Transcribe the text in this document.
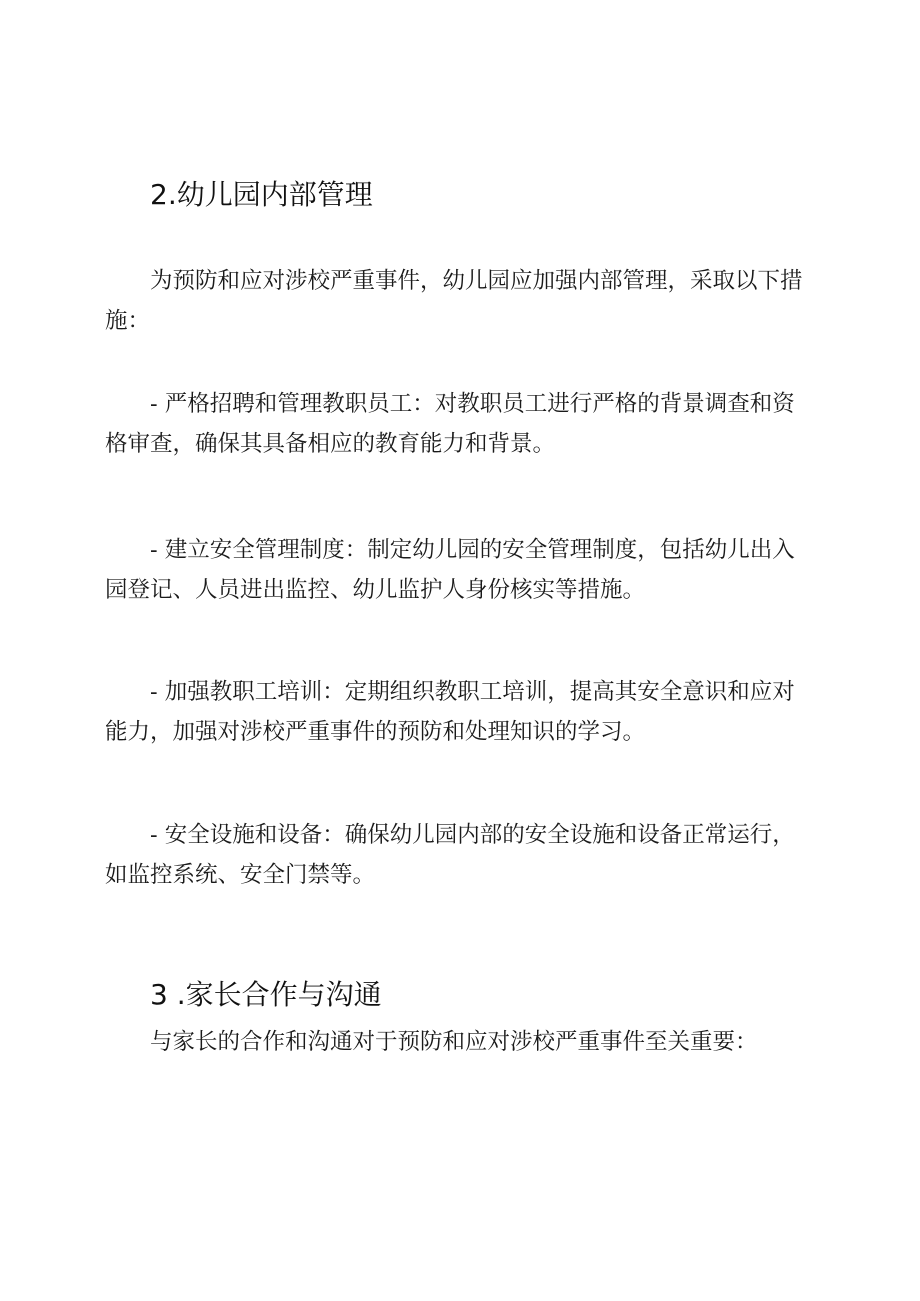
2.幼儿园内部管理

为预防和应对涉校严重事件，幼儿园应加强内部管理，采取以下措施：

- 严格招聘和管理教职员工：对教职员工进行严格的背景调查和资格审查，确保其具备相应的教育能力和背景。

- 建立安全管理制度：制定幼儿园的安全管理制度，包括幼儿出入园登记、人员进出监控、幼儿监护人身份核实等措施。

- 加强教职工培训：定期组织教职工培训，提高其安全意识和应对能力，加强对涉校严重事件的预防和处理知识的学习。

- 安全设施和设备：确保幼儿园内部的安全设施和设备正常运行，如监控系统、安全门禁等。

3 .家长合作与沟通

与家长的合作和沟通对于预防和应对涉校严重事件至关重要：
